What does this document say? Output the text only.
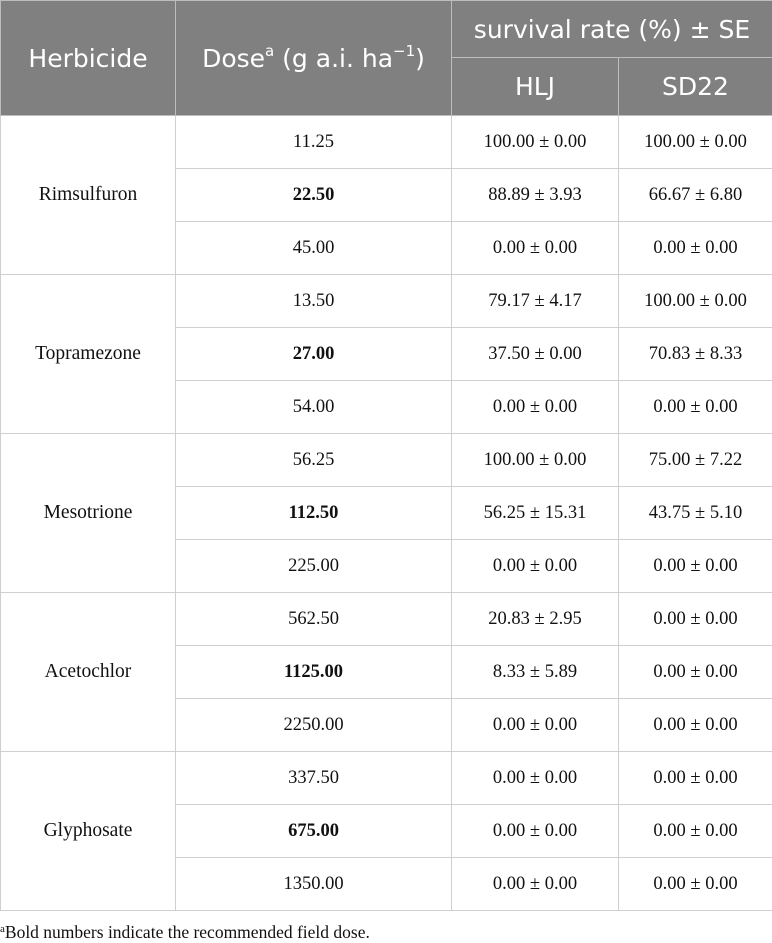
Herbicide	Dose$^a$ (g a.i. $ha^{-1}$)	survival rate (%) ± SE	
		HLJ	SD22
Rimsulfuron	11.25	100.00 ± 0.00	100.00 ± 0.00
	22.50	88.89 ± 3.93	66.67 ± 6.80
	45.00	0.00 ± 0.00	0.00 ± 0.00
Topramezone	13.50	79.17 ± 4.17	100.00 ± 0.00
	27.00	37.50 ± 0.00	70.83 ± 8.33
	54.00	0.00 ± 0.00	0.00 ± 0.00
Mesotrione	56.25	100.00 ± 0.00	75.00 ± 7.22
	112.50	56.25 ± 15.31	43.75 ± 5.10
	225.00	0.00 ± 0.00	0.00 ± 0.00
Acetochlor	562.50	20.83 ± 2.95	0.00 ± 0.00
	1125.00	8.33 ± 5.89	0.00 ± 0.00
	2250.00	0.00 ± 0.00	0.00 ± 0.00
Glyphosate	337.50	0.00 ± 0.00	0.00 ± 0.00
	675.00	0.00 ± 0.00	0.00 ± 0.00
	1350.00	0.00 ± 0.00	0.00 ± 0.00
$^a$Bold numbers indicate the recommended field dose.
